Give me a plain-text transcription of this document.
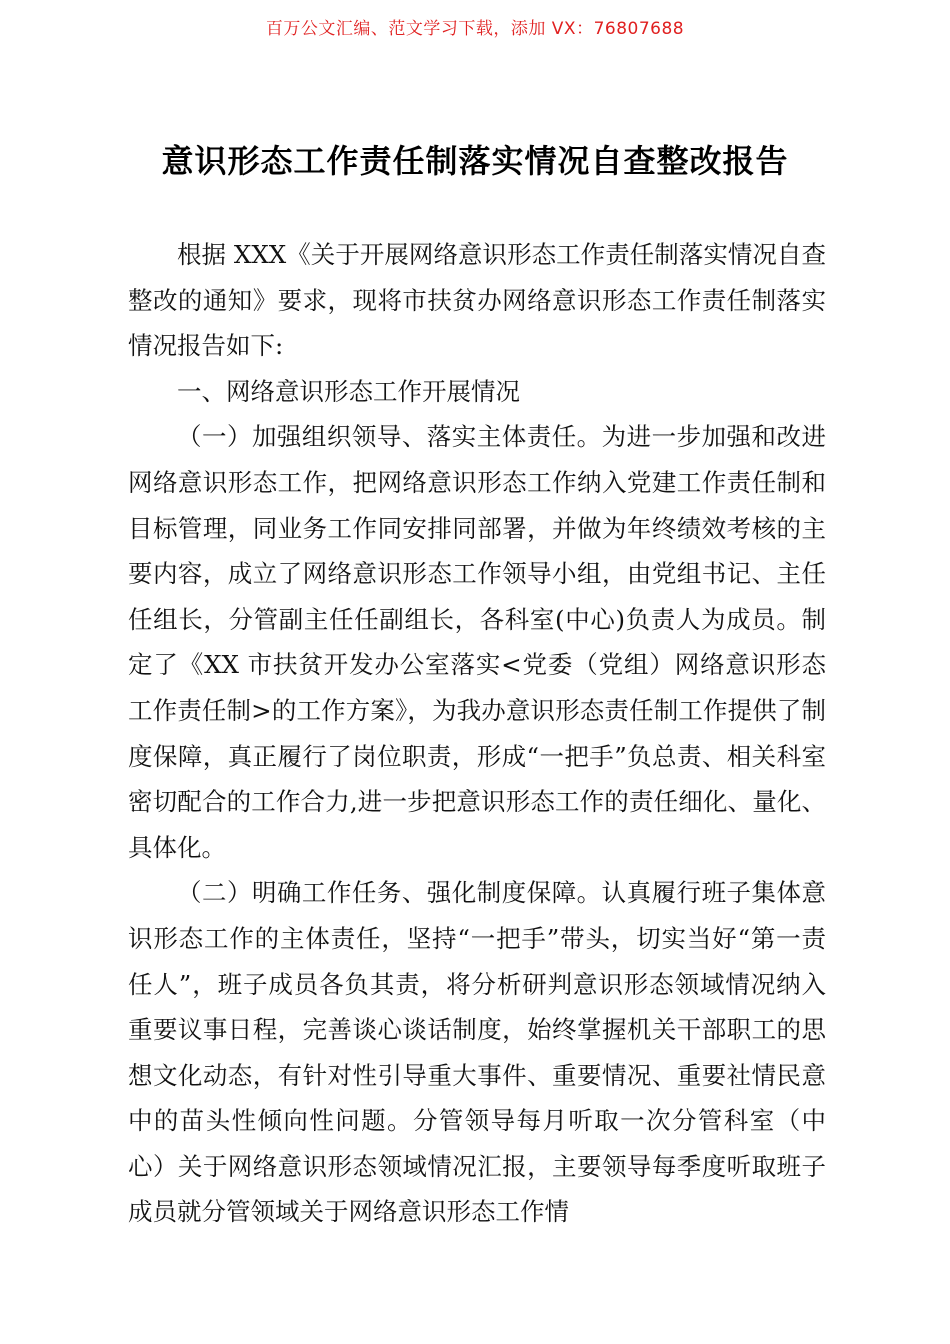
百万公文汇编、范文学习下载，添加 VX：76807688
意识形态工作责任制落实情况自查整改报告

根据 XXX《关于开展网络意识形态工作责任制落实情况自查整改的通知》要求，现将市扶贫办网络意识形态工作责任制落实情况报告如下:

一、网络意识形态工作开展情况

（一）加强组织领导、落实主体责任。为进一步加强和改进网络意识形态工作，把网络意识形态工作纳入党建工作责任制和目标管理，同业务工作同安排同部署，并做为年终绩效考核的主要内容，成立了网络意识形态工作领导小组，由党组书记、主任任组长，分管副主任任副组长，各科室(中心)负责人为成员。制定了《XX 市扶贫开发办公室落实<党委（党组）网络意识形态工作责任制>的工作方案》，为我办意识形态责任制工作提供了制度保障，真正履行了岗位职责，形成“一把手”负总责、相关科室密切配合的工作合力,进一步把意识形态工作的责任细化、量化、具体化。

（二）明确工作任务、强化制度保障。认真履行班子集体意识形态工作的主体责任，坚持“一把手”带头，切实当好“第一责任人”，班子成员各负其责，将分析研判意识形态领域情况纳入重要议事日程，完善谈心谈话制度，始终掌握机关干部职工的思想文化动态，有针对性引导重大事件、重要情况、重要社情民意中的苗头性倾向性问题。分管领导每月听取一次分管科室（中心）关于网络意识形态领域情况汇报，主要领导每季度听取班子成员就分管领域关于网络意识形态工作情
